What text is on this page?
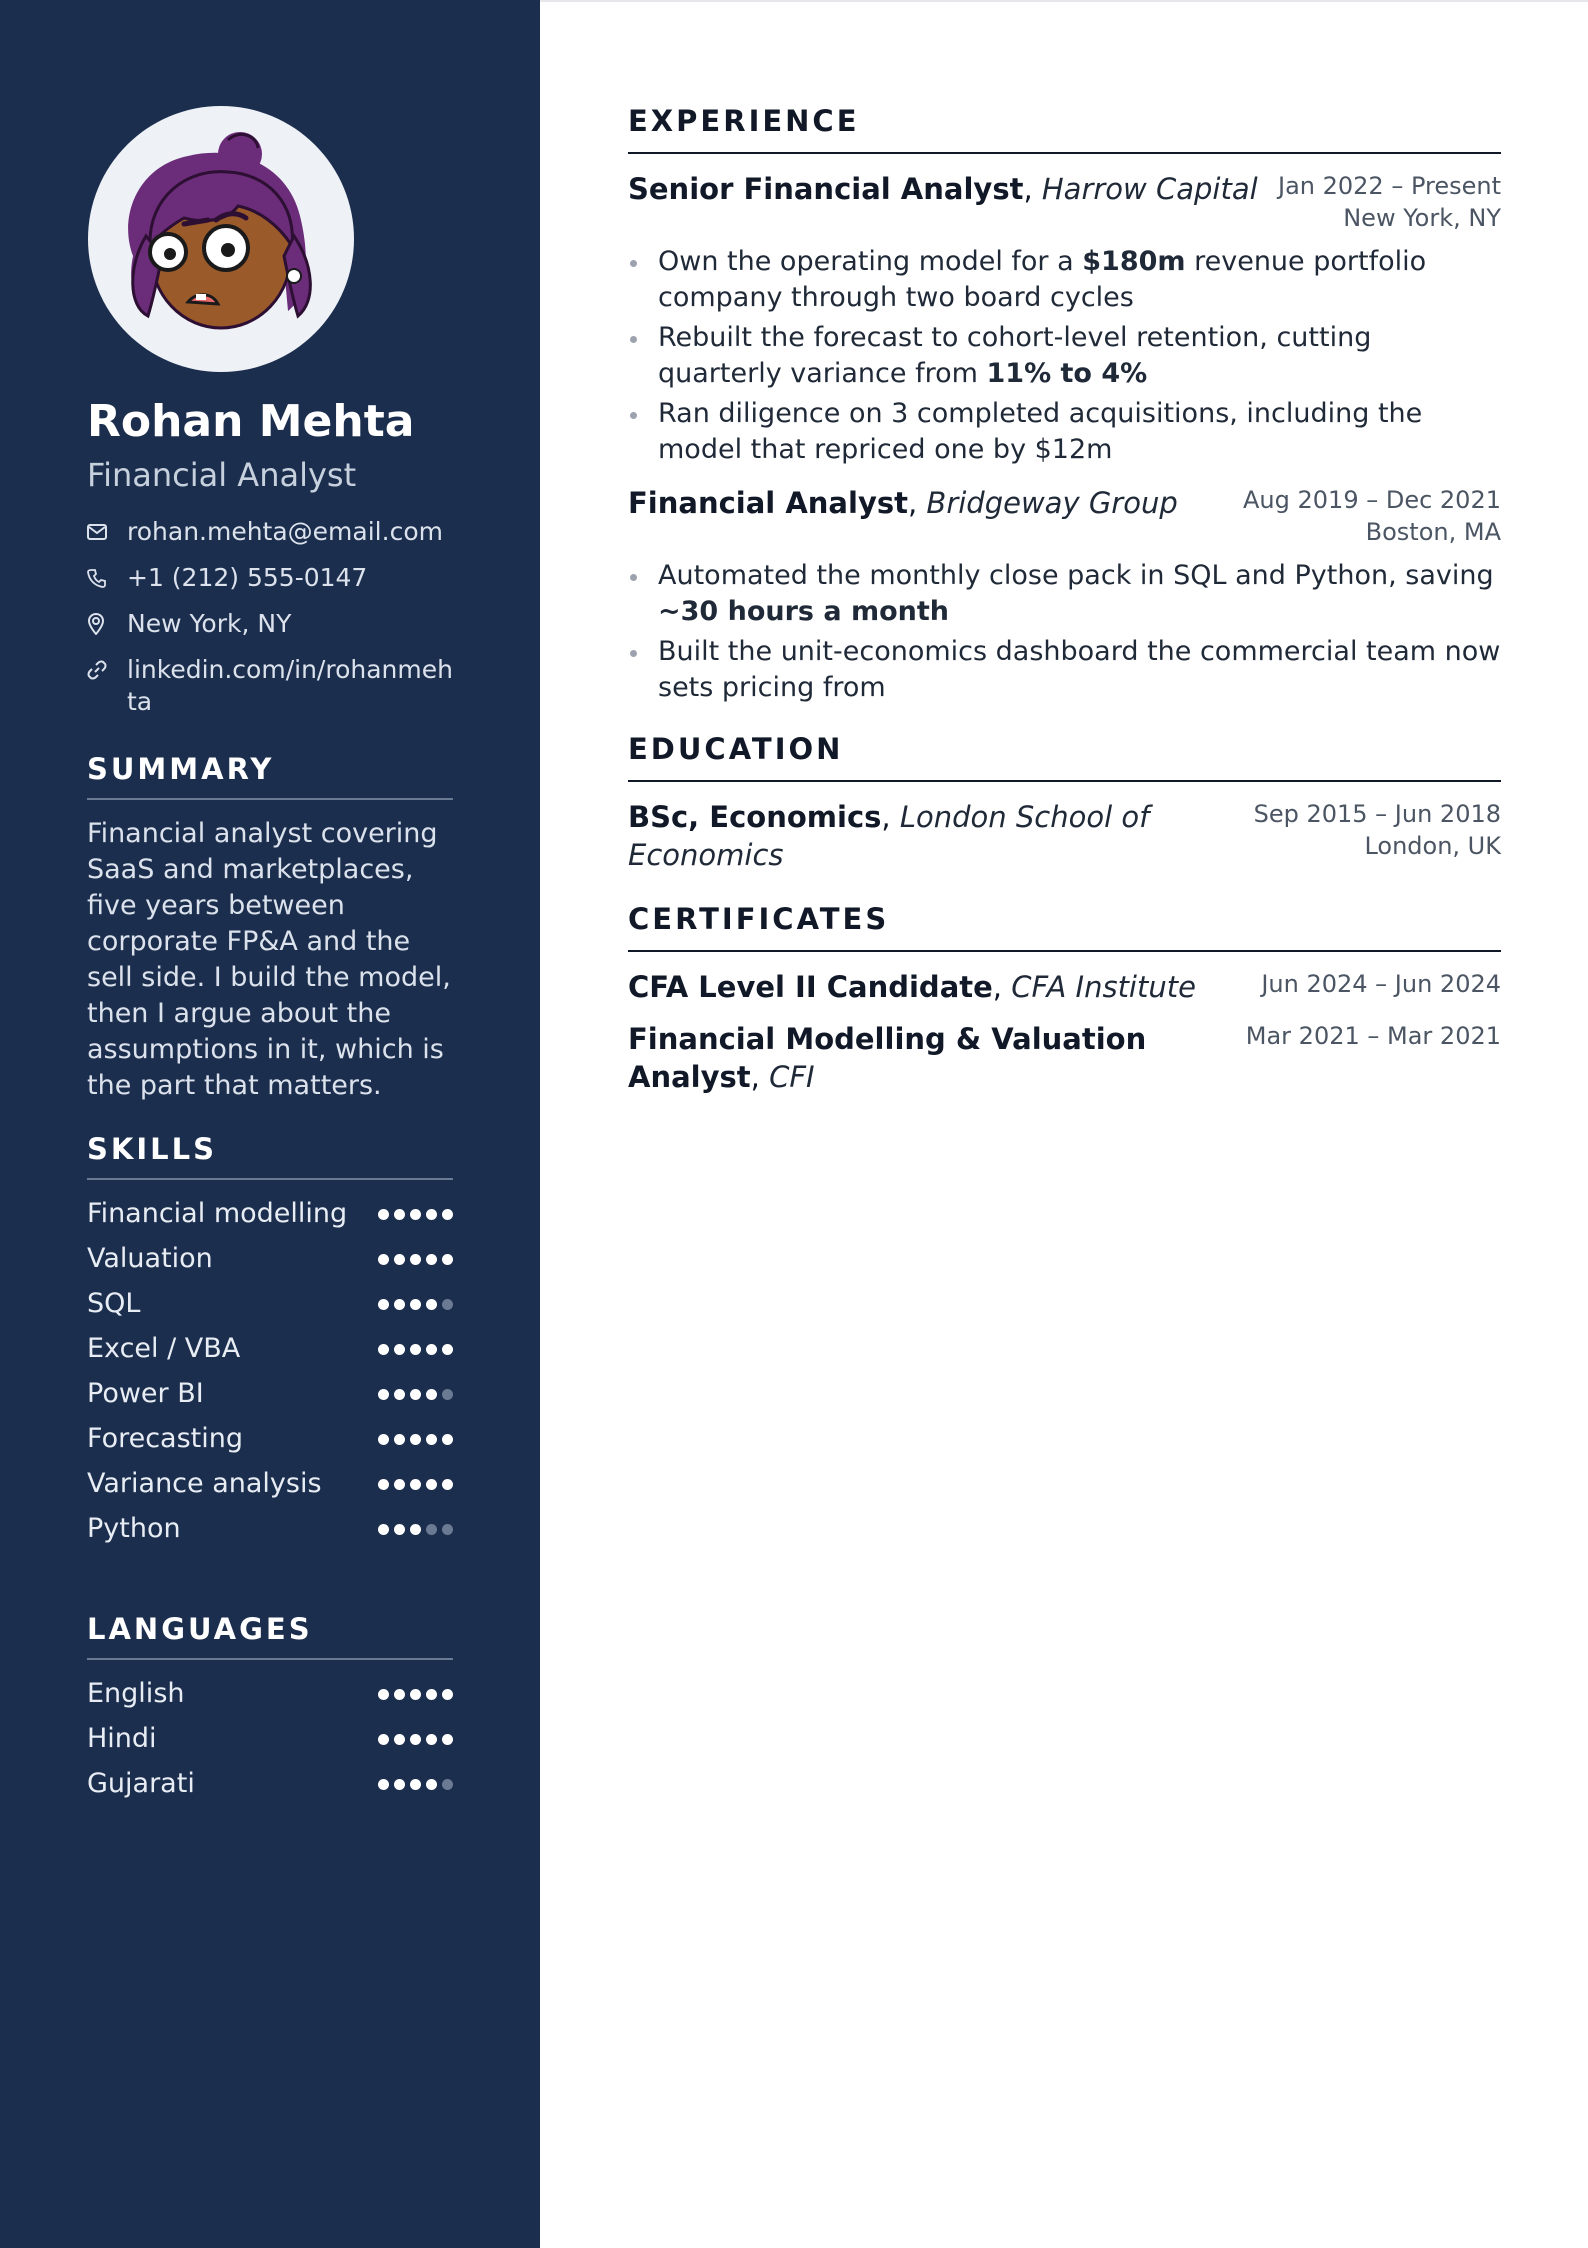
Rohan Mehta
Financial Analyst
rohan.mehta@email.com
+1 (212) 555-0147
New York, NY
linkedin.com/in/rohanmehta
SUMMARY
Financial analyst covering SaaS and marketplaces, five years between corporate FP&A and the sell side. I build the model, then I argue about the assumptions in it, which is the part that matters.
SKILLS
Financial modelling
Valuation
SQL
Excel / VBA
Power BI
Forecasting
Variance analysis
Python
LANGUAGES
English
Hindi
Gujarati
EXPERIENCE
Senior Financial Analyst, Harrow Capital Jan 2022 – Present
New York, NY
Own the operating model for a $180m revenue portfolio company through two board cycles
Rebuilt the forecast to cohort-level retention, cutting quarterly variance from 11% to 4%
Ran diligence on 3 completed acquisitions, including the model that repriced one by $12m
Financial Analyst, Bridgeway Group	Aug 2019 – Dec 2021
Boston, MA
Automated the monthly close pack in SQL and Python, saving ~30 hours a month
Built the unit-economics dashboard the commercial team now sets pricing from
EDUCATION
BSc, Economics, London School of Economics
Sep 2015 – Jun 2018
London, UK
CERTIFICATES
CFA Level II Candidate, CFA Institute	Jun 2024 – Jun 2024
Financial Modelling & Valuation Analyst, CFI
Mar 2021 – Mar 2021
